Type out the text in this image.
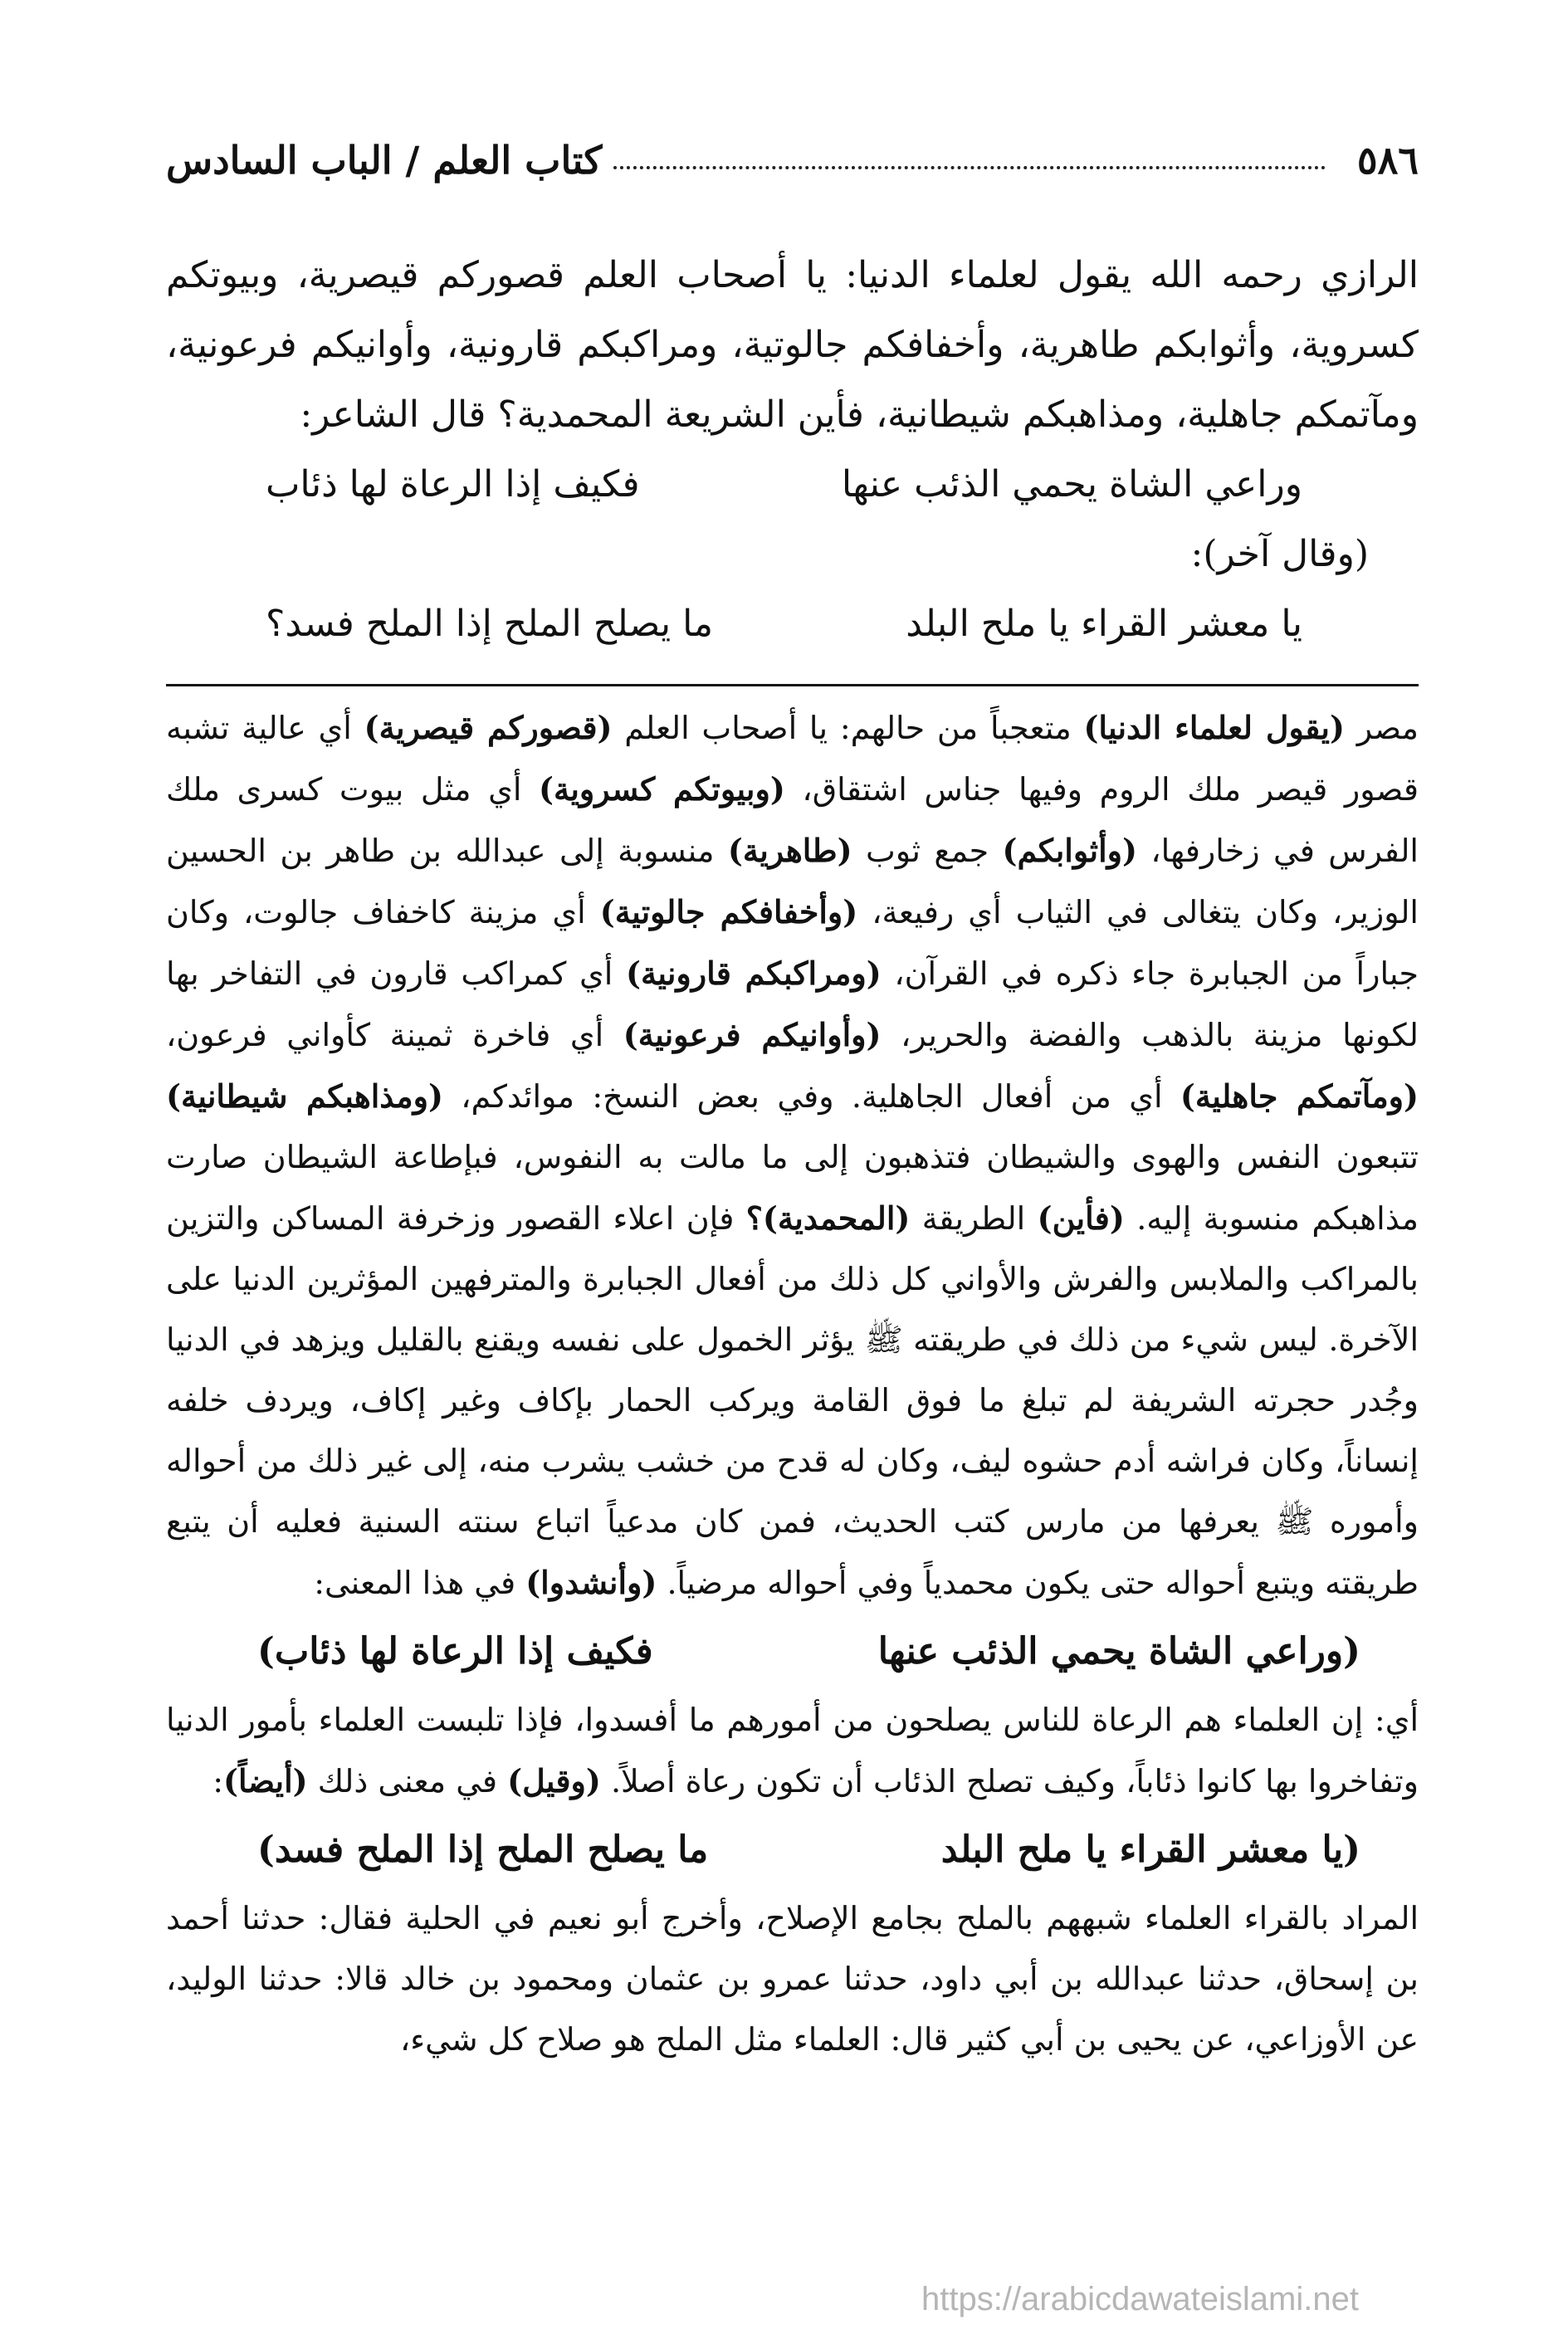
٥٨٦
كتاب العلم / الباب السادس

الرازي رحمه الله يقول لعلماء الدنيا: يا أصحاب العلم قصوركم قيصرية، وبيوتكم كسروية، وأثوابكم طاهرية، وأخفافكم جالوتية، ومراكبكم قارونية، وأوانيكم فرعونية، ومآتمكم جاهلية، ومذاهبكم شيطانية، فأين الشريعة المحمدية؟ قال الشاعر:

وراعي الشاة يحمي الذئب عنها
فكيف إذا الرعاة لها ذئاب

(وقال آخر):

يا معشر القراء يا ملح البلد
ما يصلح الملح إذا الملح فسد؟

مصر (يقول لعلماء الدنيا) متعجباً من حالهم: يا أصحاب العلم (قصوركم قيصرية) أي عالية تشبه قصور قيصر ملك الروم وفيها جناس اشتقاق، (وبيوتكم كسروية) أي مثل بيوت كسرى ملك الفرس في زخارفها، (وأثوابكم) جمع ثوب (طاهرية) منسوبة إلى عبدالله بن طاهر بن الحسين الوزير، وكان يتغالى في الثياب أي رفيعة، (وأخفافكم جالوتية) أي مزينة كاخفاف جالوت، وكان جباراً من الجبابرة جاء ذكره في القرآن، (ومراكبكم قارونية) أي كمراكب قارون في التفاخر بها لكونها مزينة بالذهب والفضة والحرير، (وأوانيكم فرعونية) أي فاخرة ثمينة كأواني فرعون، (ومآتمكم جاهلية) أي من أفعال الجاهلية. وفي بعض النسخ: موائدكم، (ومذاهبكم شيطانية) تتبعون النفس والهوى والشيطان فتذهبون إلى ما مالت به النفوس، فبإطاعة الشيطان صارت مذاهبكم منسوبة إليه. (فأين) الطريقة (المحمدية)؟ فإن اعلاء القصور وزخرفة المساكن والتزين بالمراكب والملابس والفرش والأواني كل ذلك من أفعال الجبابرة والمترفهين المؤثرين الدنيا على الآخرة. ليس شيء من ذلك في طريقته ﷺ يؤثر الخمول على نفسه ويقنع بالقليل ويزهد في الدنيا وجُدر حجرته الشريفة لم تبلغ ما فوق القامة ويركب الحمار بإكاف وغير إكاف، ويردف خلفه إنساناً، وكان فراشه أدم حشوه ليف، وكان له قدح من خشب يشرب منه، إلى غير ذلك من أحواله وأموره ﷺ يعرفها من مارس كتب الحديث، فمن كان مدعياً اتباع سنته السنية فعليه أن يتبع طريقته ويتبع أحواله حتى يكون محمدياً وفي أحواله مرضياً. (وأنشدوا) في هذا المعنى:

(وراعي الشاة يحمي الذئب عنها
فكيف إذا الرعاة لها ذئاب)

أي: إن العلماء هم الرعاة للناس يصلحون من أمورهم ما أفسدوا، فإذا تلبست العلماء بأمور الدنيا وتفاخروا بها كانوا ذئاباً، وكيف تصلح الذئاب أن تكون رعاة أصلاً. (وقيل) في معنى ذلك (أيضاً):

(يا معشر القراء يا ملح البلد
ما يصلح الملح إذا الملح فسد)

المراد بالقراء العلماء شبههم بالملح بجامع الإصلاح، وأخرج أبو نعيم في الحلية فقال: حدثنا أحمد بن إسحاق، حدثنا عبدالله بن أبي داود، حدثنا عمرو بن عثمان ومحمود بن خالد قالا: حدثنا الوليد، عن الأوزاعي، عن يحيى بن أبي كثير قال: العلماء مثل الملح هو صلاح كل شيء،

https://arabicdawateislami.net
